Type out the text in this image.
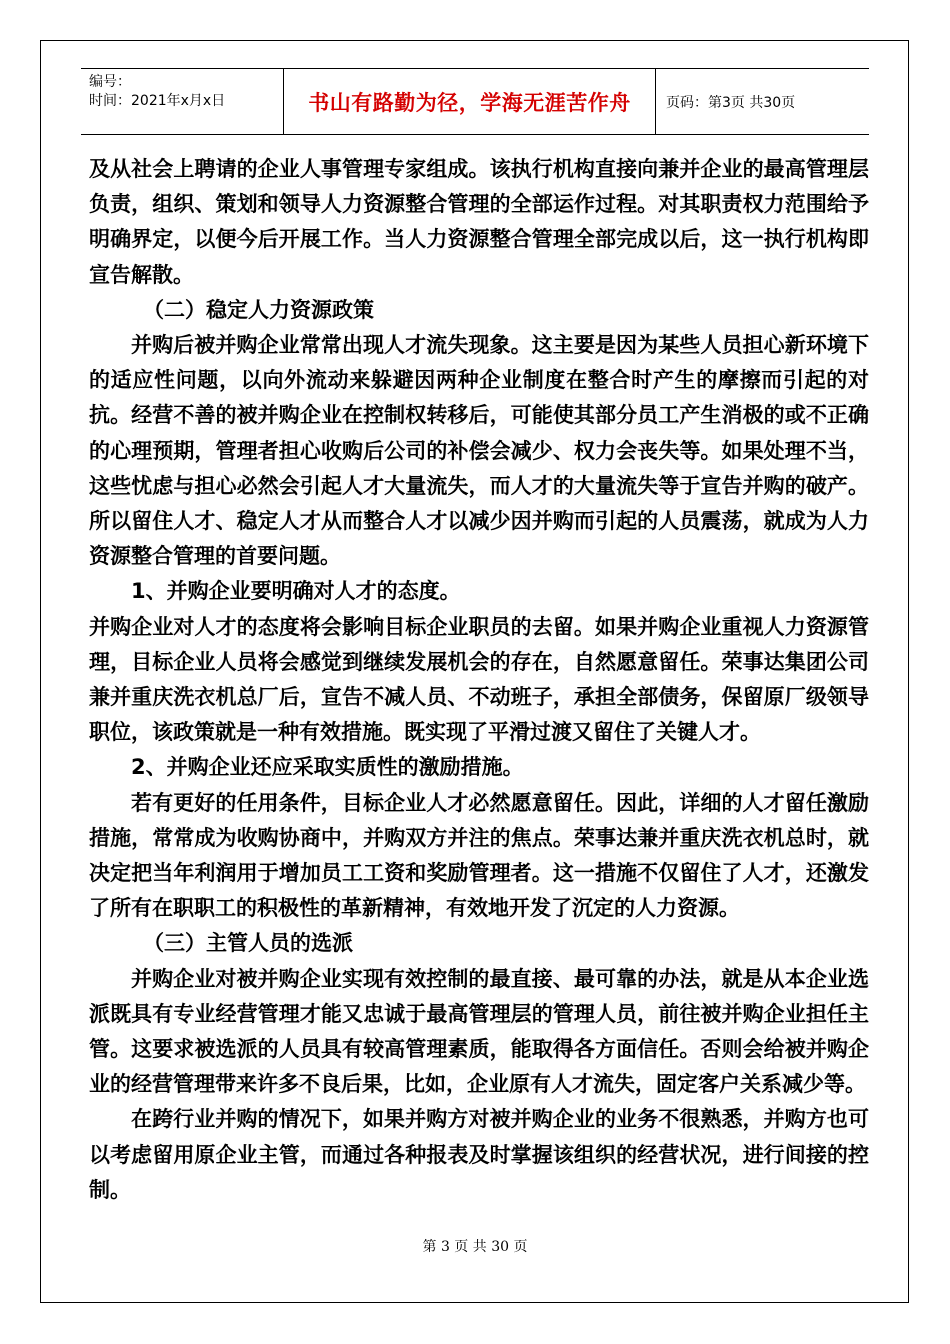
编号：
时间：2021年x月x日	书山有路勤为径，学海无涯苦作舟	页码：第3页 共30页

及从社会上聘请的企业人事管理专家组成。该执行机构直接向兼并企业的最高管理层负责，组织、策划和领导人力资源整合管理的全部运作过程。对其职责权力范围给予明确界定，以便今后开展工作。当人力资源整合管理全部完成以后，这一执行机构即宣告解散。

（二）稳定人力资源政策

并购后被并购企业常常出现人才流失现象。这主要是因为某些人员担心新环境下的适应性问题，以向外流动来躲避因两种企业制度在整合时产生的摩擦而引起的对抗。经营不善的被并购企业在控制权转移后，可能使其部分员工产生消极的或不正确的心理预期，管理者担心收购后公司的补偿会减少、权力会丧失等。如果处理不当，这些忧虑与担心必然会引起人才大量流失，而人才的大量流失等于宣告并购的破产。所以留住人才、稳定人才从而整合人才以减少因并购而引起的人员震荡，就成为人力资源整合管理的首要问题。

1、并购企业要明确对人才的态度。

并购企业对人才的态度将会影响目标企业职员的去留。如果并购企业重视人力资源管理，目标企业人员将会感觉到继续发展机会的存在，自然愿意留任。荣事达集团公司兼并重庆洗衣机总厂后，宣告不减人员、不动班子，承担全部债务，保留原厂级领导职位，该政策就是一种有效措施。既实现了平滑过渡又留住了关键人才。

2、并购企业还应采取实质性的激励措施。

若有更好的任用条件，目标企业人才必然愿意留任。因此，详细的人才留任激励措施，常常成为收购协商中，并购双方并注的焦点。荣事达兼并重庆洗衣机总时，就决定把当年利润用于增加员工工资和奖励管理者。这一措施不仅留住了人才，还激发了所有在职职工的积极性的革新精神，有效地开发了沉定的人力资源。

（三）主管人员的选派

并购企业对被并购企业实现有效控制的最直接、最可靠的办法，就是从本企业选派既具有专业经营管理才能又忠诚于最高管理层的管理人员，前往被并购企业担任主管。这要求被选派的人员具有较高管理素质，能取得各方面信任。否则会给被并购企业的经营管理带来许多不良后果，比如，企业原有人才流失，固定客户关系减少等。

在跨行业并购的情况下，如果并购方对被并购企业的业务不很熟悉，并购方也可以考虑留用原企业主管，而通过各种报表及时掌握该组织的经营状况，进行间接的控制。

第 3 页 共 30 页
